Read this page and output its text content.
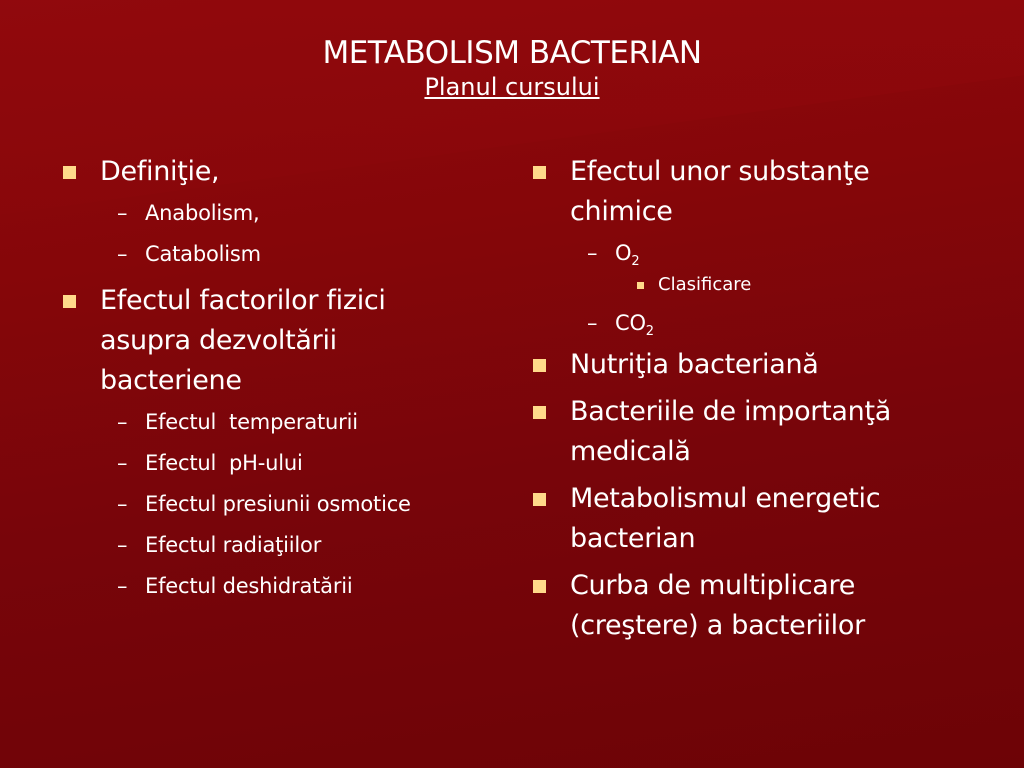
METABOLISM BACTERIAN
Planul cursului
Definiţie,
– Anabolism,
– Catabolism
Efectul factorilor fizici
asupra dezvoltării
bacteriene
– Efectul  temperaturii
– Efectul  pH-ului
– Efectul presiunii osmotice
– Efectul radiaţiilor
– Efectul deshidratării
Efectul unor substanţe
chimice
– $O_2$
Clasificare
– $CO_2$
Nutriţia bacteriană
Bacteriile de importanţă
medicală
Metabolismul energetic
bacterian
Curba de multiplicare
(creştere) a bacteriilor
